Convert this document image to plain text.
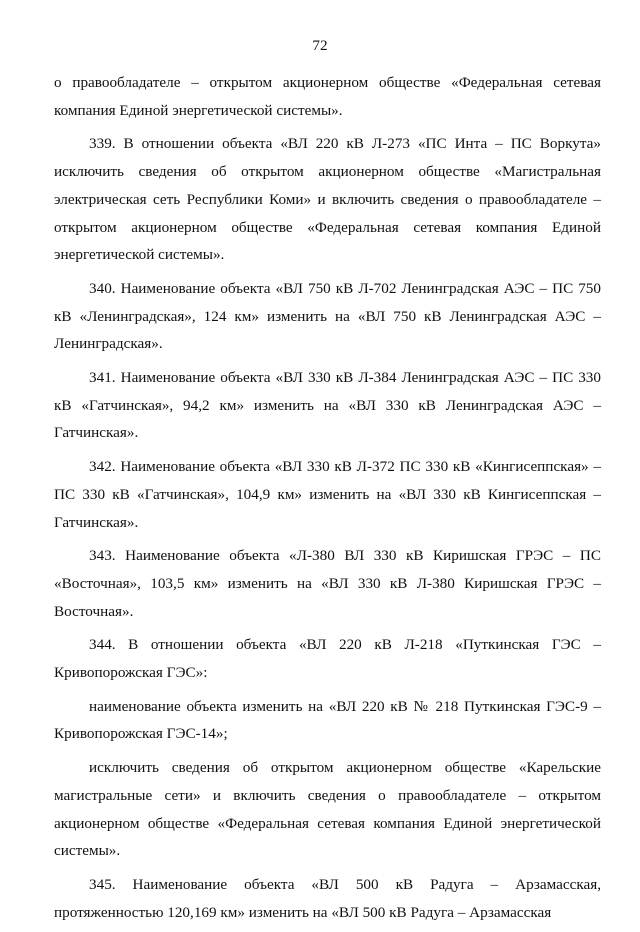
72

о правообладателе – открытом акционерном обществе «Федеральная сетевая компания Единой энергетической системы».

339. В отношении объекта «ВЛ 220 кВ Л-273 «ПС Инта – ПС Воркута» исключить сведения об открытом акционерном обществе «Магистральная электрическая сеть Республики Коми» и включить сведения о правообладателе – открытом акционерном обществе «Федеральная сетевая компания Единой энергетической системы».

340. Наименование объекта «ВЛ 750 кВ Л-702 Ленинградская АЭС – ПС 750 кВ «Ленинградская», 124 км» изменить на «ВЛ 750 кВ Ленинградская АЭС – Ленинградская».

341. Наименование объекта «ВЛ 330 кВ Л-384 Ленинградская АЭС – ПС 330 кВ «Гатчинская», 94,2 км» изменить на «ВЛ 330 кВ Ленинградская АЭС – Гатчинская».

342. Наименование объекта «ВЛ 330 кВ Л-372 ПС 330 кВ «Кингисеппская» – ПС 330 кВ «Гатчинская», 104,9 км» изменить на «ВЛ 330 кВ Кингисеппская – Гатчинская».

343. Наименование объекта «Л-380 ВЛ 330 кВ Киришская ГРЭС – ПС «Восточная», 103,5 км» изменить на «ВЛ 330 кВ Л-380 Киришская ГРЭС – Восточная».

344. В отношении объекта «ВЛ 220 кВ Л-218 «Путкинская ГЭС – Кривопорожская ГЭС»:

наименование объекта изменить на «ВЛ 220 кВ № 218 Путкинская ГЭС-9 – Кривопорожская ГЭС-14»;

исключить сведения об открытом акционерном обществе «Карельские магистральные сети» и включить сведения о правообладателе – открытом акционерном обществе «Федеральная сетевая компания Единой энергетической системы».

345. Наименование объекта «ВЛ 500 кВ Радуга – Арзамасская, протяженностью 120,169 км» изменить на «ВЛ 500 кВ Радуга – Арзамасская
